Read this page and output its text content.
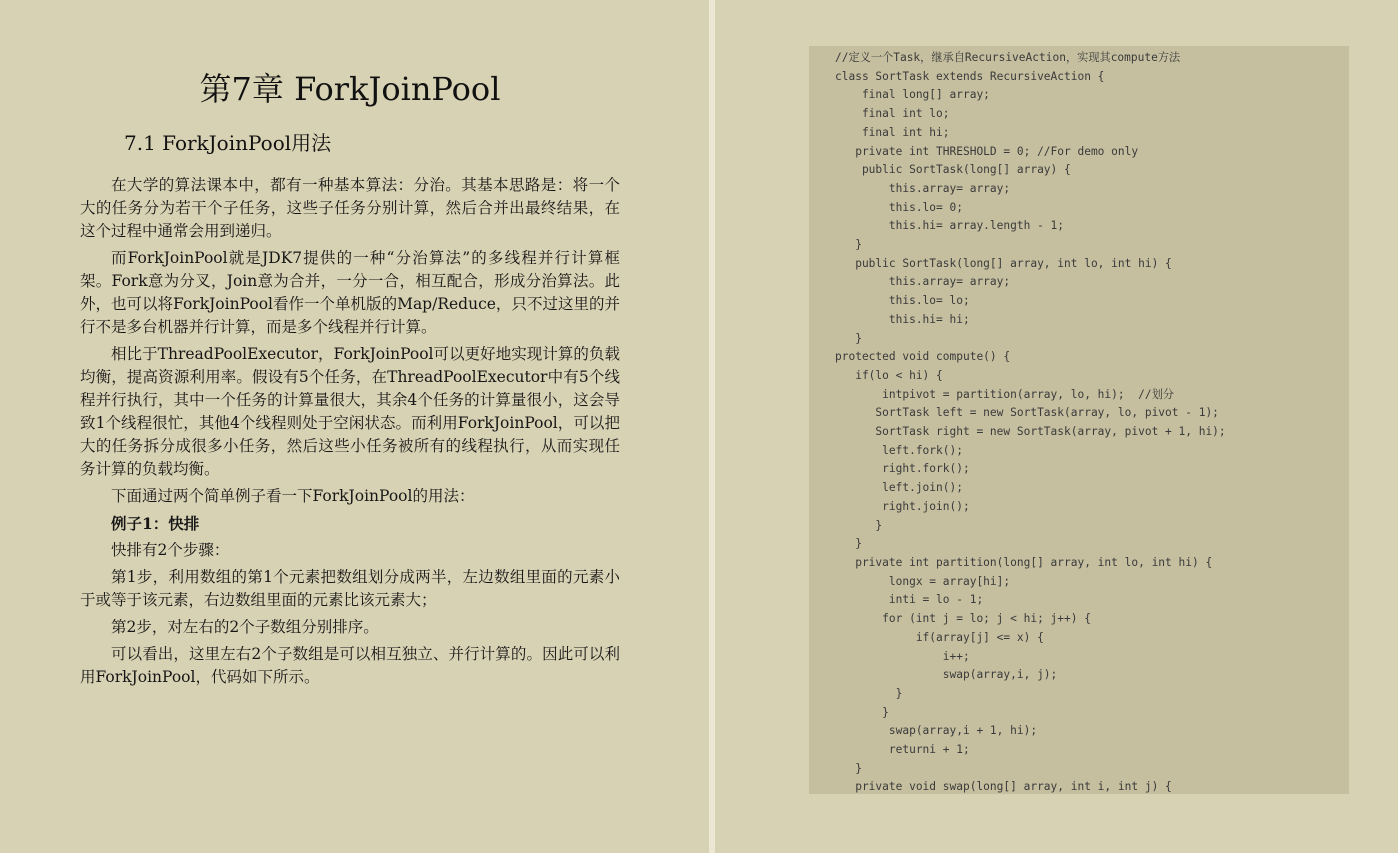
第7章 ForkJoinPool
7.1 ForkJoinPool用法

在大学的算法课本中，都有一种基本算法：分治。其基本思路是：将一个大的任务分为若干个子任务，这些子任务分别计算，然后合并出最终结果，在这个过程中通常会用到递归。

而ForkJoinPool就是JDK7提供的一种“分治算法”的多线程并行计算框架。Fork意为分叉，Join意为合并，一分一合，相互配合，形成分治算法。此外，也可以将ForkJoinPool看作一个单机版的Map/Reduce，只不过这里的并行不是多台机器并行计算，而是多个线程并行计算。

相比于ThreadPoolExecutor，ForkJoinPool可以更好地实现计算的负载均衡，提高资源利用率。假设有5个任务，在ThreadPoolExecutor中有5个线程并行执行，其中一个任务的计算量很大，其余4个任务的计算量很小，这会导致1个线程很忙，其他4个线程则处于空闲状态。而利用ForkJoinPool，可以把大的任务拆分成很多小任务，然后这些小任务被所有的线程执行，从而实现任务计算的负载均衡。

下面通过两个简单例子看一下ForkJoinPool的用法：

例子1：快排

快排有2个步骤：

第1步，利用数组的第1个元素把数组划分成两半，左边数组里面的元素小于或等于该元素，右边数组里面的元素比该元素大；

第2步，对左右的2个子数组分别排序。

可以看出，这里左右2个子数组是可以相互独立、并行计算的。因此可以利用ForkJoinPool，代码如下所示。

//定义一个Task，继承自RecursiveAction，实现其compute方法
class SortTask extends RecursiveAction {
final long[] array;
final int lo;
final int hi;
private int THRESHOLD = 0; //For demo only
public SortTask(long[] array) {
this.array= array;
this.lo= 0;
this.hi= array.length - 1;
}
public SortTask(long[] array, int lo, int hi) {
this.array= array;
this.lo= lo;
this.hi= hi;
}
protected void compute() {
if(lo < hi) {
intpivot = partition(array, lo, hi);  //划分
SortTask left = new SortTask(array, lo, pivot - 1);
SortTask right = new SortTask(array, pivot + 1, hi);
left.fork();
right.fork();
left.join();
right.join();
}
}
private int partition(long[] array, int lo, int hi) {
longx = array[hi];
inti = lo - 1;
for (int j = lo; j < hi; j++) {
if(array[j] <= x) {
i++;
swap(array,i, j);
}
}
swap(array,i + 1, hi);
returni + 1;
}
private void swap(long[] array, int i, int j) {
